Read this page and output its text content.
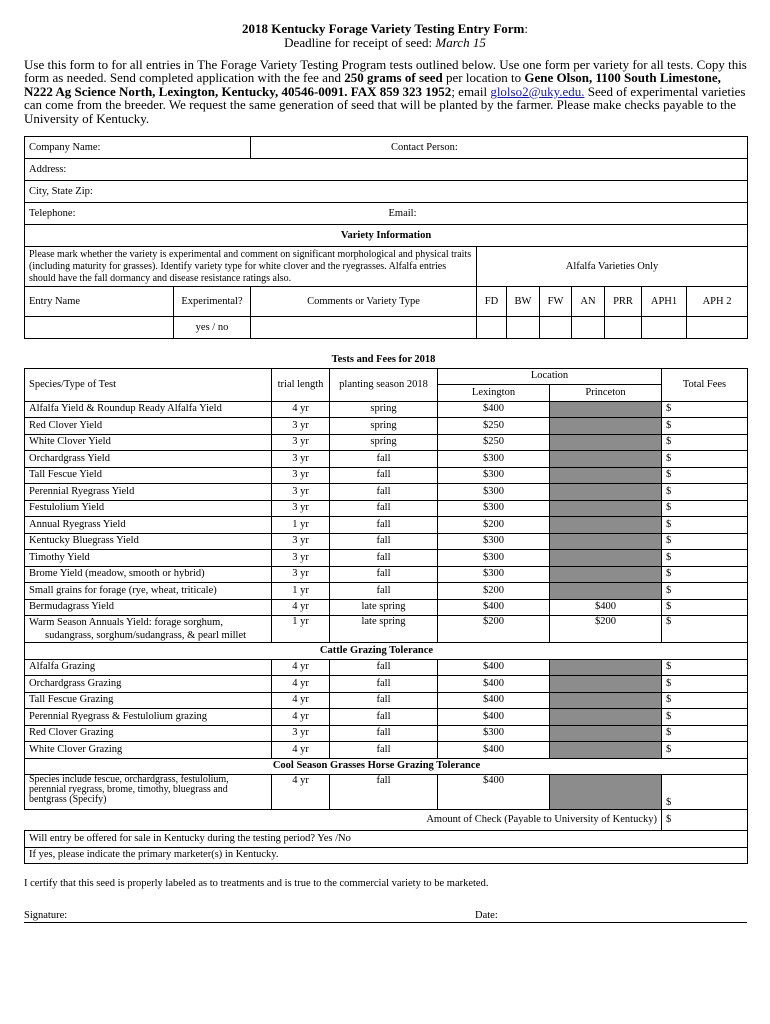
2018 Kentucky Forage Variety Testing Entry Form:
Deadline for receipt of seed: March 15
Use this form to for all entries in The Forage Variety Testing Program tests outlined below. Use one form per variety for all tests. Copy this form as needed. Send completed application with the fee and 250 grams of seed per location to Gene Olson, 1100 South Limestone, N222 Ag Science North, Lexington, Kentucky, 40546-0091. FAX 859 323 1952; email glolso2@uky.edu. Seed of experimental varieties can come from the breeder. We request the same generation of seed that will be planted by the farmer. Please make checks payable to the University of Kentucky.
Company Name:	Contact Person:
Address:
City, State Zip:
Telephone:	Email:
Variety Information
Please mark whether the variety is experimental and comment on significant morphological and physical traits (including maturity for grasses). Identify variety type for white clover and the ryegrasses. Alfalfa entries should have the fall dormancy and disease resistance ratings also.	Alfalfa Varieties Only
Entry Name	Experimental?	Comments or Variety Type	FD	BW	FW	AN	PRR	APH1	APH 2
	yes / no								
		Tests and Fees for 2018		
Species/Type of Test	trial length	planting season 2018	Location	Total Fees
Lexington	Princeton
Alfalfa Yield & Roundup Ready Alfalfa Yield	4 yr	spring	$400		$
Red Clover Yield	3 yr	spring	$250		$
White Clover Yield	3 yr	spring	$250		$
Orchardgrass Yield	3 yr	fall	$300		$
Tall Fescue Yield	3 yr	fall	$300		$
Perennial Ryegrass Yield	3 yr	fall	$300		$
Festulolium Yield	3 yr	fall	$300		$
Annual Ryegrass Yield	1 yr	fall	$200		$
Kentucky Bluegrass Yield	3 yr	fall	$300		$
Timothy Yield	3 yr	fall	$300		$
Brome Yield (meadow, smooth or hybrid)	3 yr	fall	$300		$
Small grains for forage (rye, wheat, triticale)	1 yr	fall	$200		$
Bermudagrass Yield	4 yr	late spring	$400	$400	$

Warm Season Annuals Yield: forage sorghum,
sudangrass, sorghum/sudangrass, & pearl millet	1 yr	late spring	$200	$200	$
	Cattle Grazing Tolerance	
Alfalfa Grazing	4 yr	fall	$400		$
Orchardgrass Grazing	4 yr	fall	$400		$
Tall Fescue Grazing	4 yr	fall	$400		$
Perennial Ryegrass & Festulolium grazing	4 yr	fall	$400		$
Red Clover Grazing	3 yr	fall	$300		$
White Clover Grazing	4 yr	fall	$400		$
	Cool Season Grasses Horse Grazing Tolerance	
Species include fescue, orchardgrass, festulolium, perennial ryegrass, brome, timothy, bluegrass and bentgrass (Specify)	4 yr	fall	$400		$
Amount of Check (Payable to University of Kentucky)	$
Will entry be offered for sale in Kentucky during the testing period? Yes /No
If yes, please indicate the primary marketer(s) in Kentucky.
I certify that this seed is properly labeled as to treatments and is true to the commercial variety to be marketed.
Signature:	Date:
